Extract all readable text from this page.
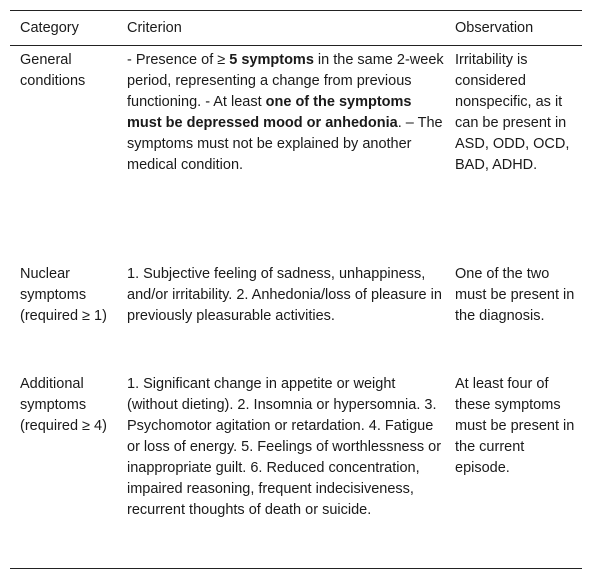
Category	Criterion	Observation
General conditions
- Presence of ≥ 5 symptoms in the same 2-week period, representing a change from previous functioning. - At least one of the symptoms must be depressed mood or anhedonia. – The symptoms must not be explained by another medical condition.
Irritability is considered nonspecific, as it can be present in ASD, ODD, OCD, BAD, ADHD.
Nuclear symptoms (required ≥ 1)
1. Subjective feeling of sadness, unhappiness, and/or irritability. 2. Anhedonia/loss of pleasure in previously pleasurable activities.
One of the two must be present in the diagnosis.
Additional symptoms (required ≥ 4)
1. Significant change in appetite or weight (without dieting). 2. Insomnia or hypersomnia. 3. Psychomotor agitation or retardation. 4. Fatigue or loss of energy. 5. Feelings of worthlessness or inappropriate guilt. 6. Reduced concentration, impaired reasoning, frequent indecisiveness, recurrent thoughts of death or suicide.
At least four of these symptoms must be present in the current episode.
